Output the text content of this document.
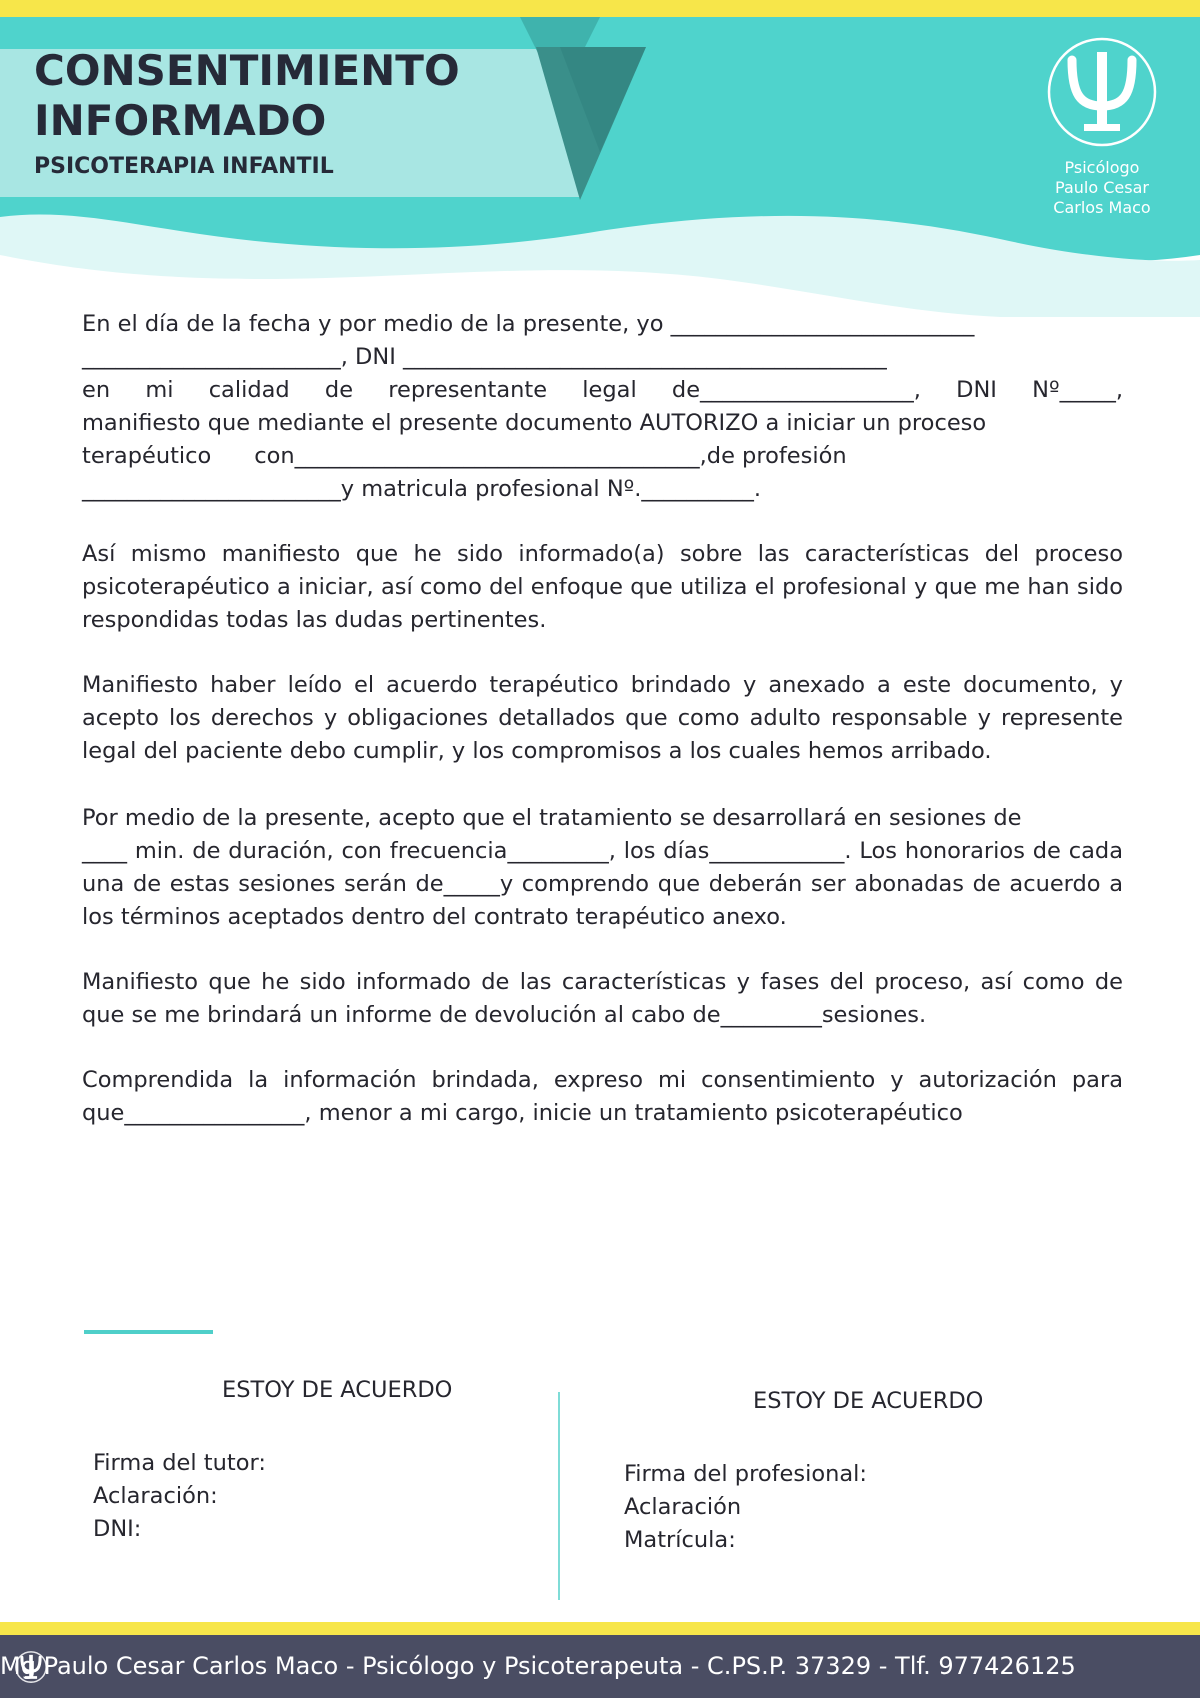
CONSENTIMIENTO INFORMADO
PSICOTERAPIA INFANTIL	Psicólogo
Paulo Cesar
Carlos Maco

En el día de la fecha y por medio de la presente, yo ___________________________
_______________________, DNI ___________________________________________
en mi calidad de representante legal de___________________, DNI Nº_____,
manifiesto que mediante el presente documento AUTORIZO a iniciar un proceso
terapéutico con____________________________________,de profesión
_______________________y matricula profesional Nº.__________.

Así mismo manifiesto que he sido informado(a) sobre las características del proceso psicoterapéutico a iniciar, así como del enfoque que utiliza el profesional y que me han sido respondidas todas las dudas pertinentes.

Manifiesto haber leído el acuerdo terapéutico brindado y anexado a este documento, y acepto los derechos y obligaciones detallados que como adulto responsable y represente legal del paciente debo cumplir, y los compromisos a los cuales hemos arribado.

Por medio de la presente, acepto que el tratamiento se desarrollará en sesiones de
____ min. de duración, con frecuencia_________, los días____________. Los honorarios de cada una de estas sesiones serán de_____y comprendo que deberán ser abonadas de acuerdo a los términos aceptados dentro del contrato terapéutico anexo.

Manifiesto que he sido informado de las características y fases del proceso, así como de que se me brindará un informe de devolución al cabo de_________sesiones.

Comprendida la información brindada, expreso mi consentimiento y autorización para que________________, menor a mi cargo, inicie un tratamiento psicoterapéutico

ESTOY DE ACUERDO
Firma del tutor:
Aclaración:
DNI:
ESTOY DE ACUERDO
Firma del profesional:
Aclaración
Matrícula:
Mg Paulo Cesar Carlos Maco - Psicólogo y Psicoterapeuta - C.PS.P. 37329 - Tlf. 977426125
